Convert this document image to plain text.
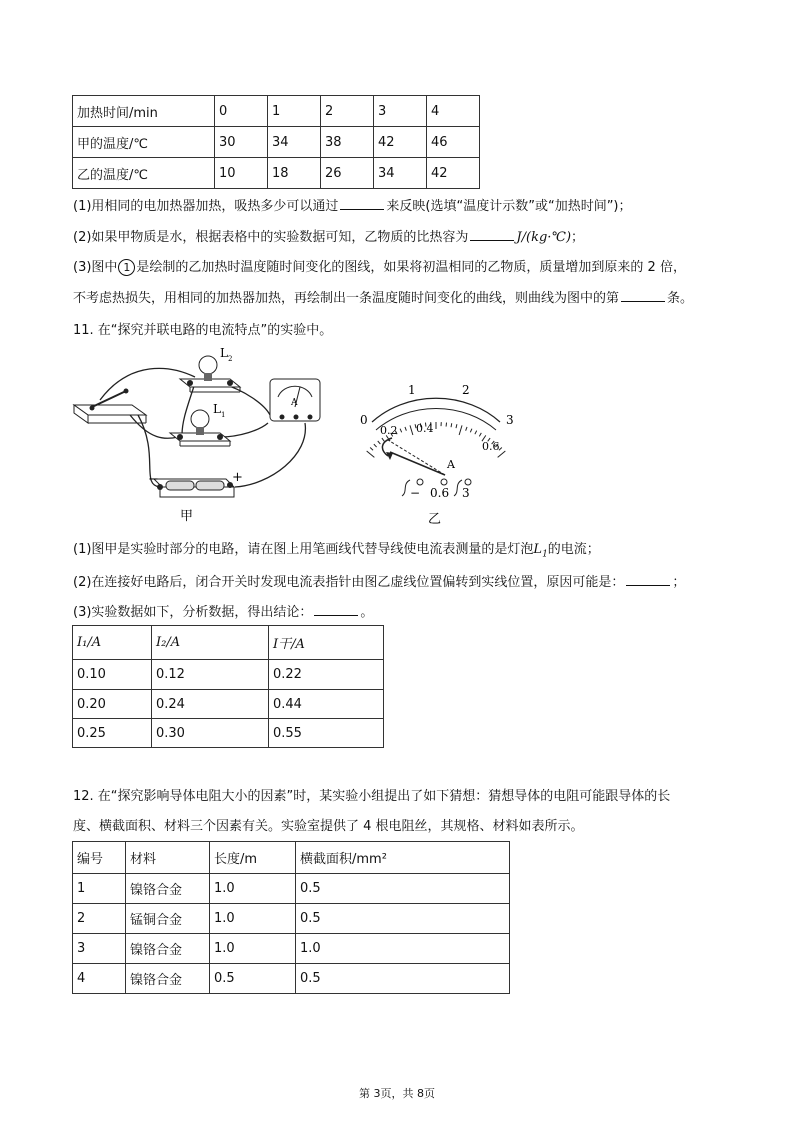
加热时间/min	0	1	2	3	4
甲的温度/℃	30	34	38	42	46
乙的温度/℃	10	18	26	34	42
(1)用相同的电加热器加热，吸热多少可以通过	来反映(选填“温度计示数”或“加热时间”)；
(2)如果甲物质是水，根据表格中的实验数据可知，乙物质的比热容为	J/(kg·℃)；
(3)图中 1 是绘制的乙加热时温度随时间变化的图线，如果将初温相同的乙物质，质量增加到原来的 2 倍，
不考虑热损失，用相同的加热器加热，再绘制出一条温度随时间变化的曲线，则曲线为图中的第	条。
11. 在“探究并联电路的电流特点”的实验中。
L 2
L 1
A
−	+
甲
0
1	2
3
0.2 0.4
0.6
A
− 0.6 3
乙
(1)图甲是实验时部分的电路，请在图上用笔画线代替导线使电流表测量的是灯泡$L_1$的电流；
(2)在连接好电路后，闭合开关时发现电流表指针由图乙虚线位置偏转到实线位置，原因可能是：	；
(3)实验数据如下，分析数据，得出结论：	。
I₁/A	I₂/A	I干/A
0.10	0.12	0.22
0.20	0.24	0.44
0.25	0.30	0.55
12. 在“探究影响导体电阻大小的因素”时，某实验小组提出了如下猜想：猜想导体的电阻可能跟导体的长
度、横截面积、材料三个因素有关。实验室提供了 4 根电阻丝，其规格、材料如表所示。
编号	材料	长度/m	横截面积/mm²
1	镍铬合金	1.0	0.5
2	锰铜合金	1.0	0.5
3	镍铬合金	1.0	1.0
4	镍铬合金	0.5	0.5
第 3页，共 8页
